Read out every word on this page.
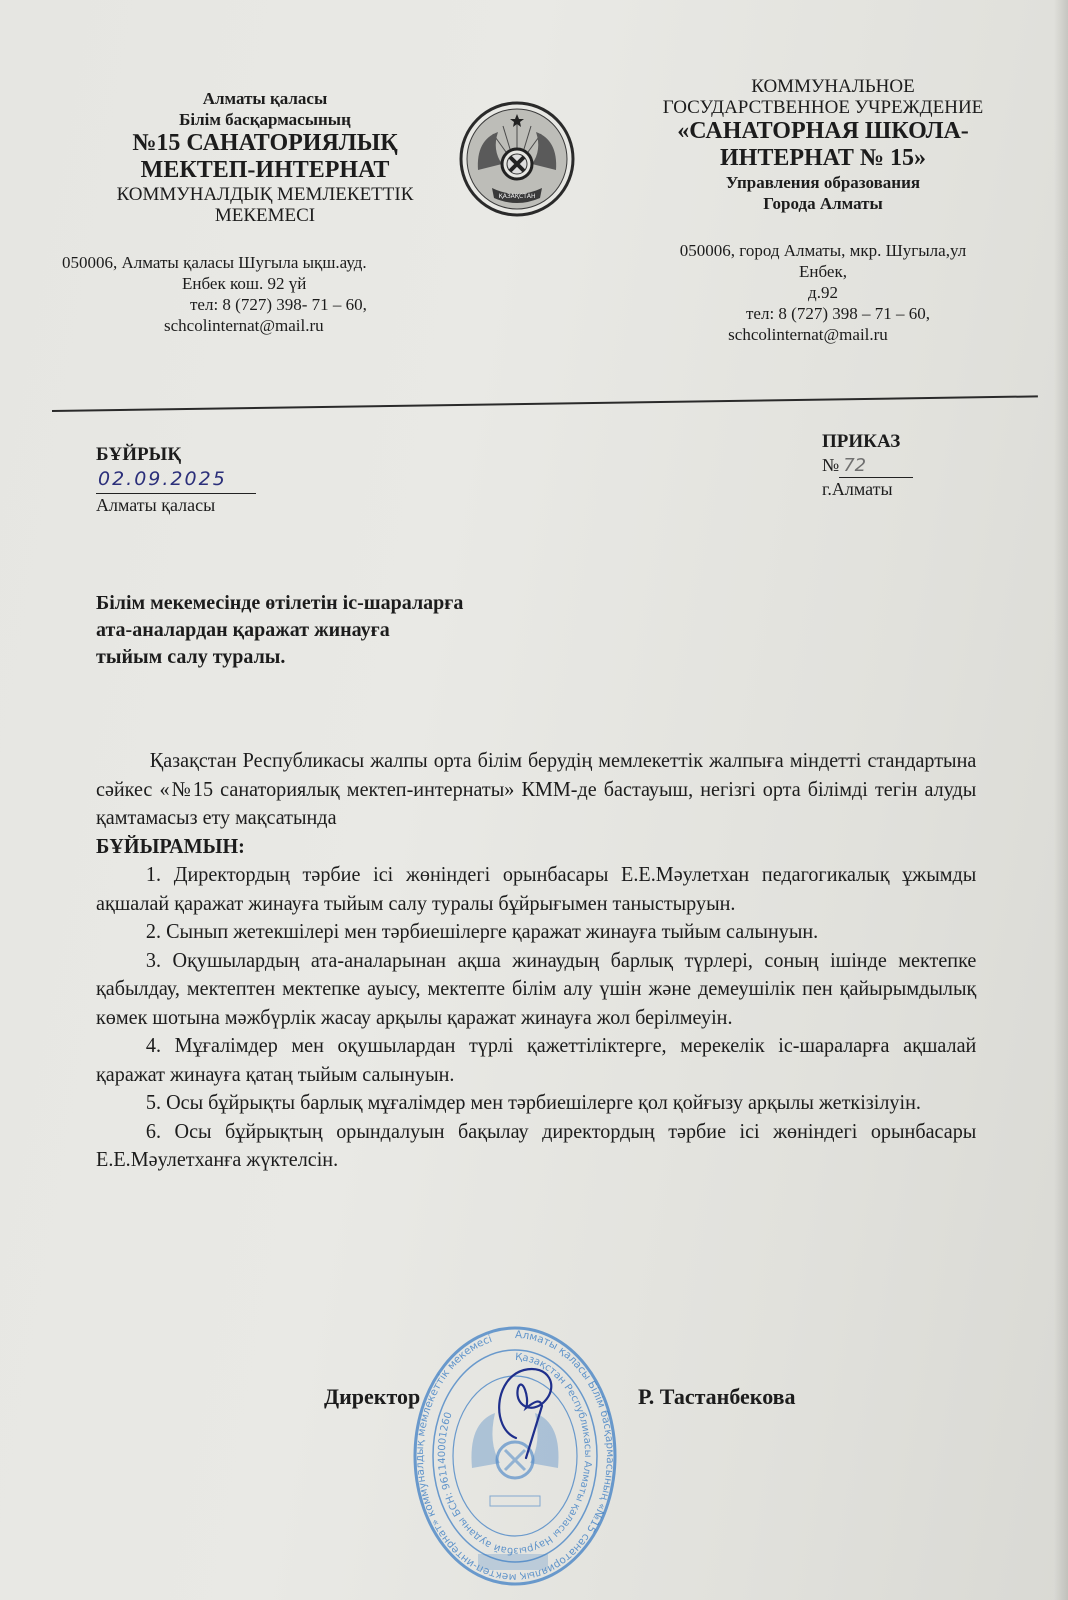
Алматы қаласы

Білім басқармасының

№15 САНАТОРИЯЛЫҚ

МЕКТЕП-ИНТЕРНАТ

КОММУНАЛДЫҚ МЕМЛЕКЕТТІК

МЕКЕМЕСІ

050006, Алматы қаласы Шугыла ықш.ауд.

Енбек кош. 92 үй

тел: 8 (727) 398- 71 – 60,

schcolinternat@mail.ru

ҚАЗАҚСТАН

КОММУНАЛЬНОЕ

ГОСУДАРСТВЕННОЕ УЧРЕЖДЕНИЕ

«САНАТОРНАЯ ШКОЛА-

ИНТЕРНАТ № 15»

Управления образования

Города Алматы

050006, город Алматы, мкр. Шугыла,ул

Енбек,

д.92

тел: 8 (727) 398 – 71 – 60,

schcolinternat@mail.ru

БҰЙРЫҚ
02.09.2025
Алматы қаласы
ПРИКАЗ
№ 72
г.Алматы
Білім мекемесінде өтілетін іс-шараларға
ата-аналардан қаражат жинауға
тыйым салу туралы.

Қазақстан Республикасы жалпы орта білім берудің мемлекеттік жалпыға міндетті стандартына сәйкес «№15 санаториялық мектеп-интернаты» КММ-де бастауыш, негізгі орта білімді тегін алуды қамтамасыз ету мақсатында

БҰЙЫРАМЫН:

1. Директордың тәрбие ісі жөніндегі орынбасары Е.Е.Мәулетхан педагогикалық ұжымды ақшалай қаражат жинауға тыйым салу туралы бұйрығымен таныстыруын.

2. Сынып жетекшілері мен тәрбиешілерге қаражат жинауға тыйым салынуын.

3. Оқушылардың ата-аналарынан ақша жинаудың барлық түрлері, соның ішінде мектепке қабылдау, мектептен мектепке ауысу, мектепте білім алу үшін және демеушілік пен қайырымдылық көмек шотына мәжбүрлік жасау арқылы қаражат жинауға жол берілмеуін.

4. Мұғалімдер мен оқушылардан түрлі қажеттіліктерге, мерекелік іс-шараларға ақшалай қаражат жинауға қатаң тыйым салынуын.

5. Осы бұйрықты барлық мұғалімдер мен тәрбиешілерге қол қойғызу арқылы жеткізілуін.

6. Осы бұйрықтың орындалуын бақылау директордың тәрбие ісі жөніндегі орынбасары Е.Е.Мәулетханға жүктелсін.

Алматы қаласы Білім басқармасының «№15 санаториялық мектеп-интернат» коммуналдық мемлекеттік мекемесі
Қазақстан Республикасы Алматы қаласы Наурызбай ауданы БСН: 961140001260
Директор	Р. Тастанбекова
